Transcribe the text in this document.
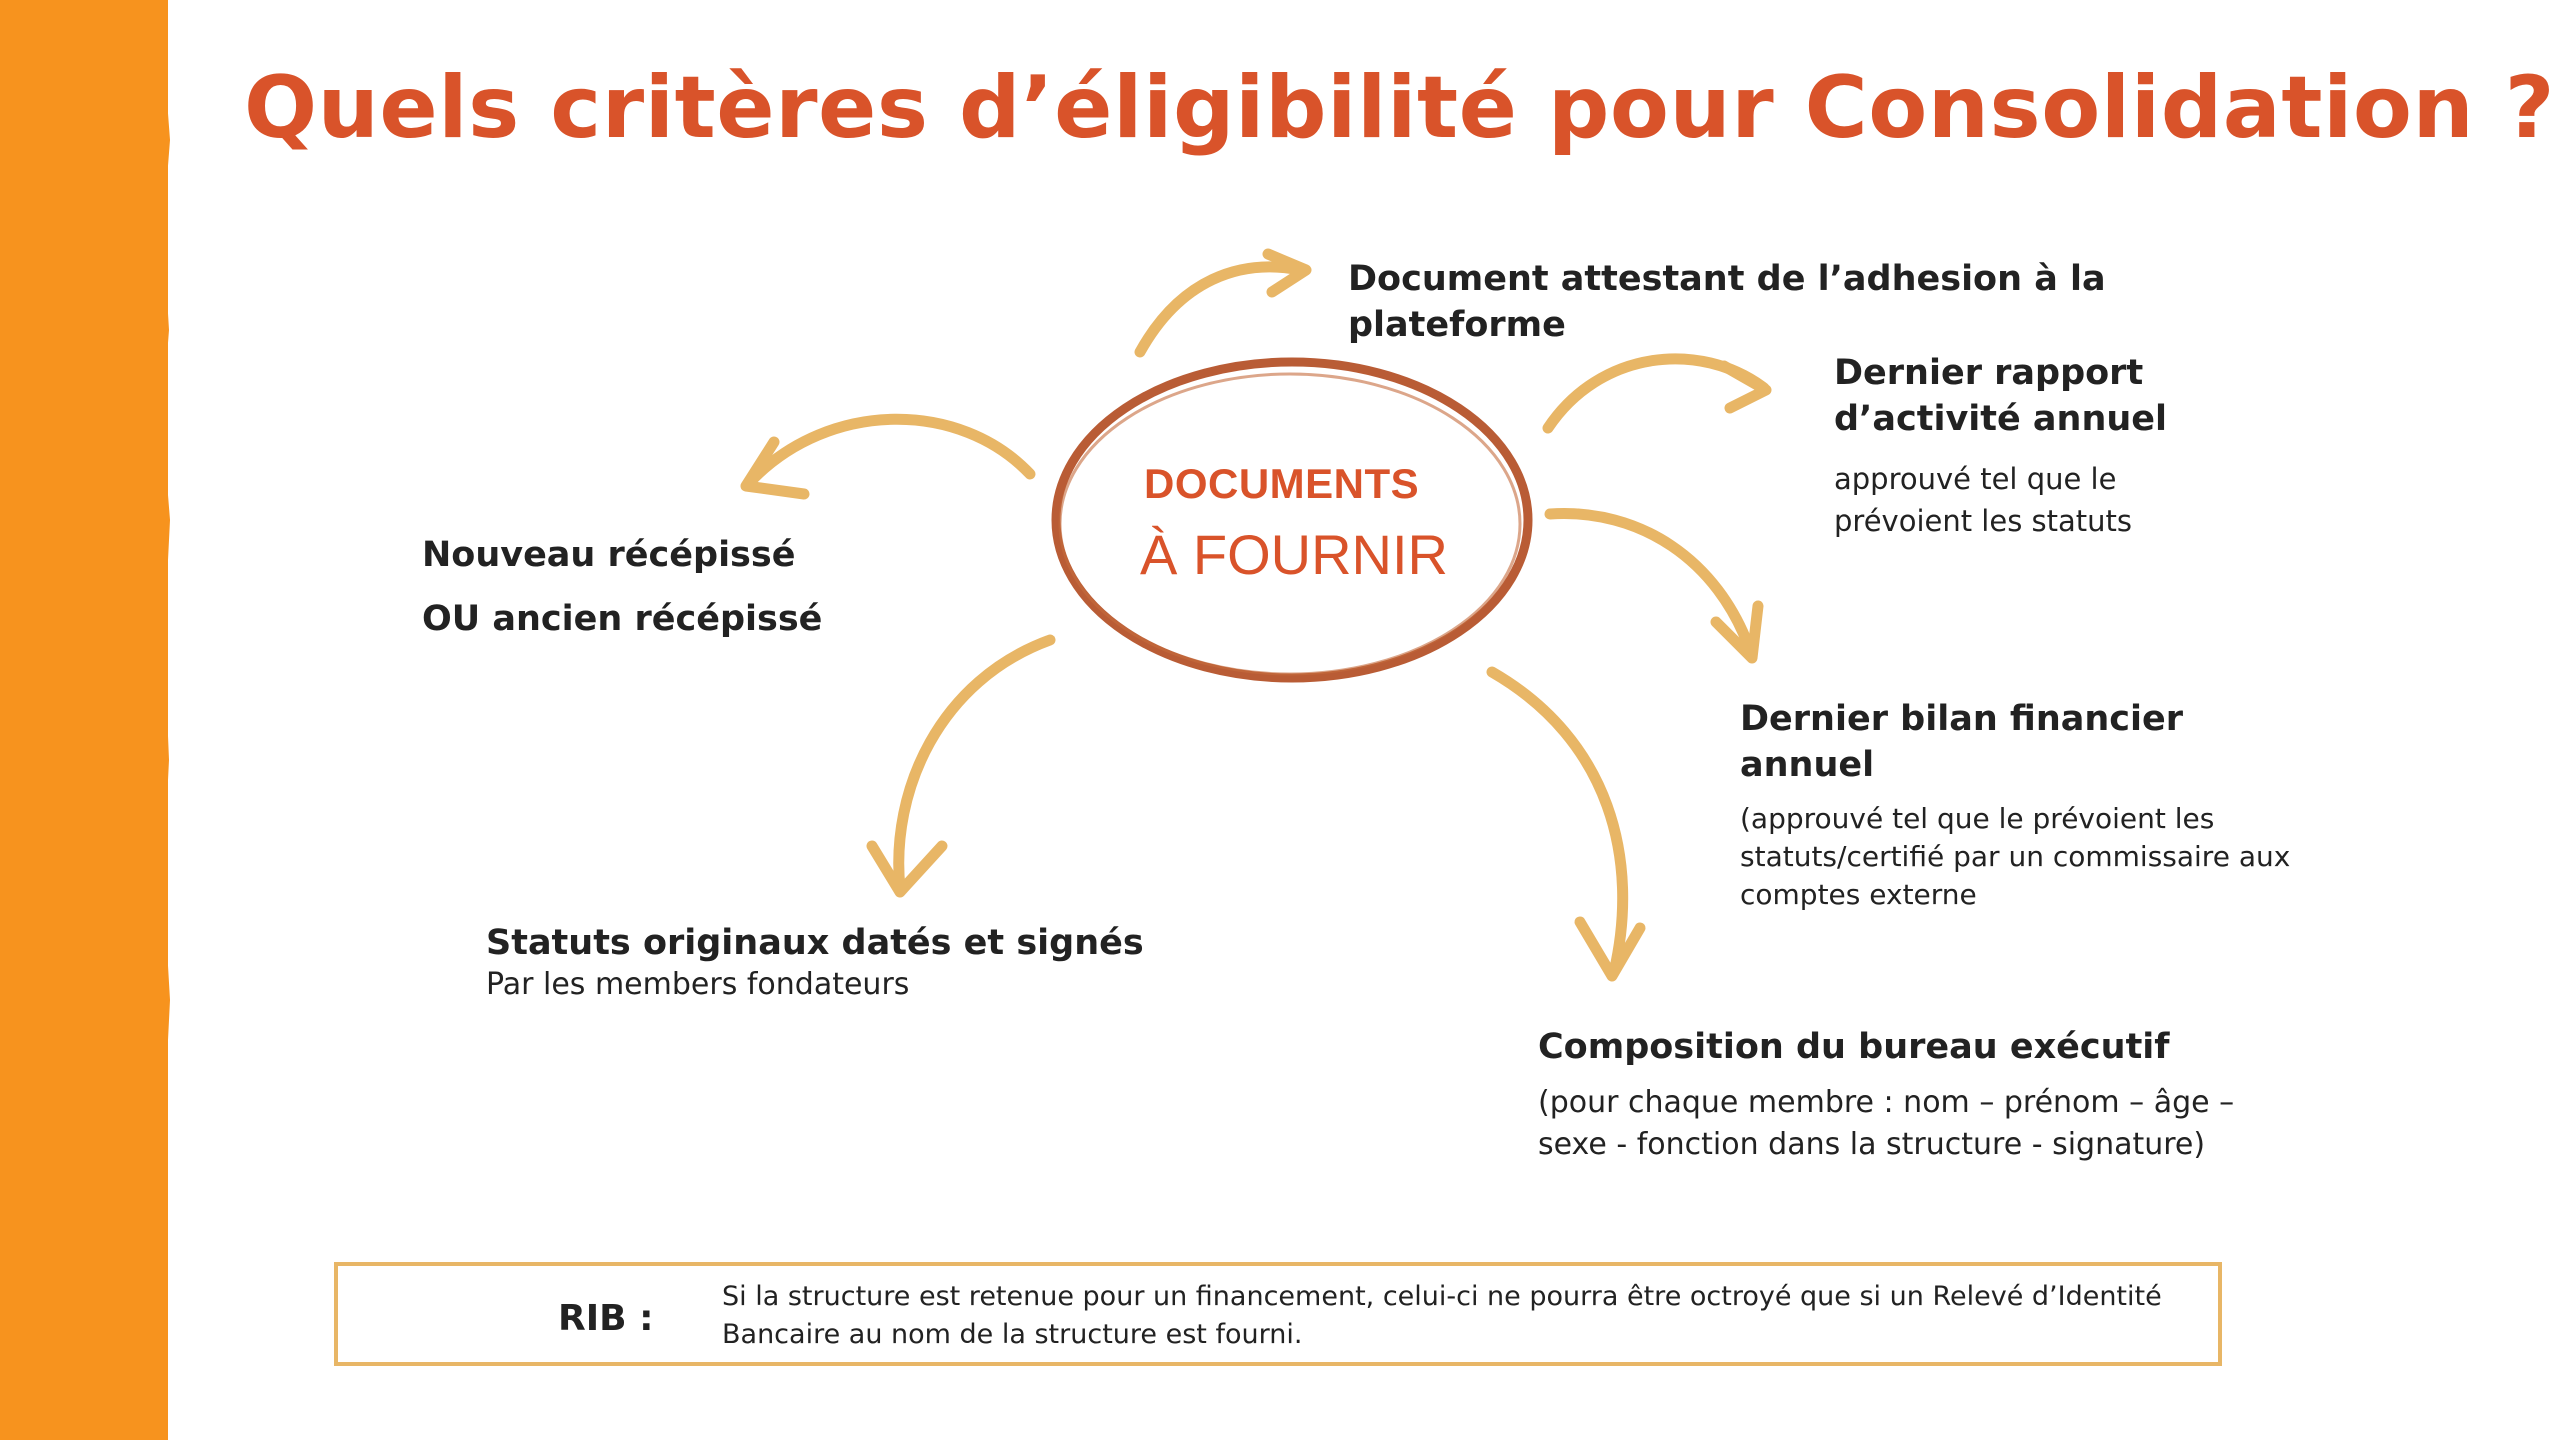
Quels critères d’éligibilité pour Consolidation ?
DOCUMENTS
À FOURNIR
Document attestant de l’adhesion à la plateforme
Dernier rapport d’activité annuel
approuvé tel que le prévoient les statuts
Nouveau récépissé
OU ancien récépissé
Dernier bilan financier annuel
(approuvé tel que le prévoient les statuts/certifié par un commissaire aux comptes externe
Statuts originaux datés et signés
Par les members fondateurs
Composition du bureau exécutif
(pour chaque membre : nom – prénom – âge – sexe - fonction dans la structure - signature)
RIB :
Si la structure est retenue pour un financement, celui-ci ne pourra être octroyé que si un Relevé d’Identité Bancaire au nom de la structure est fourni.
